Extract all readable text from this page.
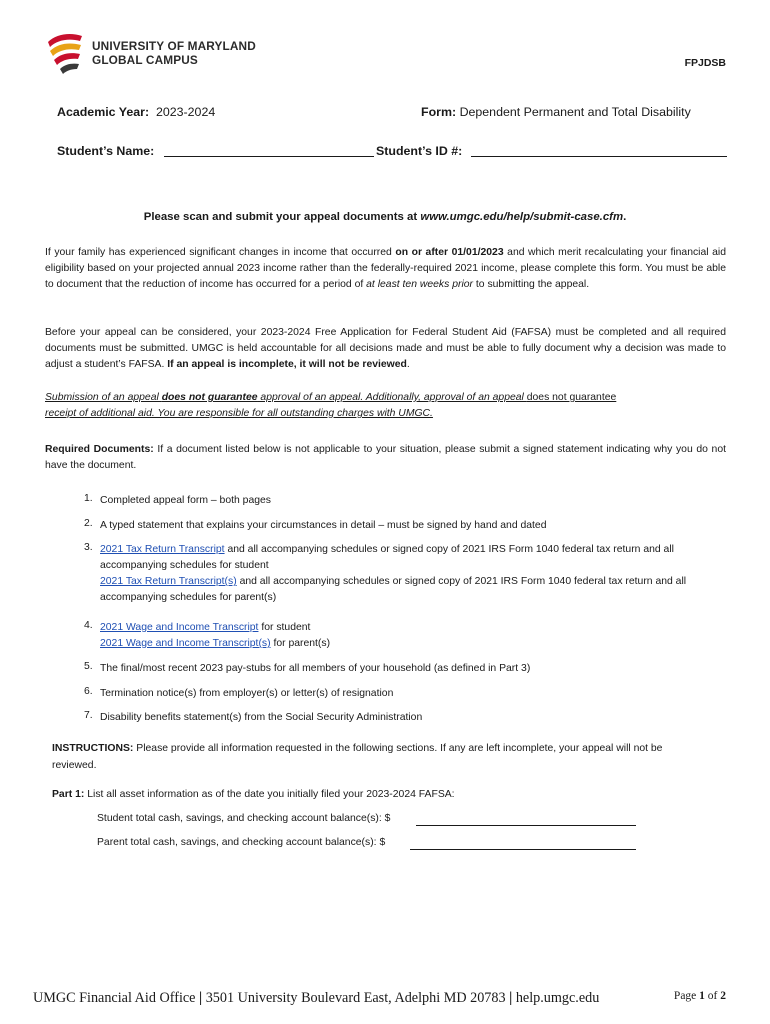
UNIVERSITY OF MARYLAND
GLOBAL CAMPUS	FPJDSB
Academic Year: 2023-2024	Form: Dependent Permanent and Total Disability
Student’s Name:	Student’s ID #:
Please scan and submit your appeal documents at www.umgc.edu/help/submit-case.cfm.
If your family has experienced significant changes in income that occurred on or after 01/01/2023 and which merit recalculating your financial aid eligibility based on your projected annual 2023 income rather than the federally-required 2021 income, please complete this form. You must be able to document that the reduction of income has occurred for a period of at least ten weeks prior to submitting the appeal.
Before your appeal can be considered, your 2023-2024 Free Application for Federal Student Aid (FAFSA) must be completed and all required documents must be submitted. UMGC is held accountable for all decisions made and must be able to fully document why a decision was made to adjust a student’s FAFSA. If an appeal is incomplete, it will not be reviewed.
Submission of an appeal does not guarantee approval of an appeal. Additionally, approval of an appeal does not guarantee
receipt of additional aid. You are responsible for all outstanding charges with UMGC.
Required Documents: If a document listed below is not applicable to your situation, please submit a signed statement indicating why you do not have the document.
1. Completed appeal form – both pages
2. A typed statement that explains your circumstances in detail – must be signed by hand and dated
3. 2021 Tax Return Transcript and all accompanying schedules or signed copy of 2021 IRS Form 1040 federal tax return and all accompanying schedules for student
2021 Tax Return Transcript(s) and all accompanying schedules or signed copy of 2021 IRS Form 1040 federal tax return and all accompanying schedules for parent(s)
4. 2021 Wage and Income Transcript for student
2021 Wage and Income Transcript(s) for parent(s)
5. The final/most recent 2023 pay-stubs for all members of your household (as defined in Part 3)
6. Termination notice(s) from employer(s) or letter(s) of resignation
7. Disability benefits statement(s) from the Social Security Administration
INSTRUCTIONS: Please provide all information requested in the following sections. If any are left incomplete, your appeal will not be reviewed.
Part 1: List all asset information as of the date you initially filed your 2023-2024 FAFSA:
Student total cash, savings, and checking account balance(s): $
Parent total cash, savings, and checking account balance(s): $
UMGC Financial Aid Office | 3501 University Boulevard East, Adelphi MD 20783 | help.umgc.edu	Page 1 of 2
